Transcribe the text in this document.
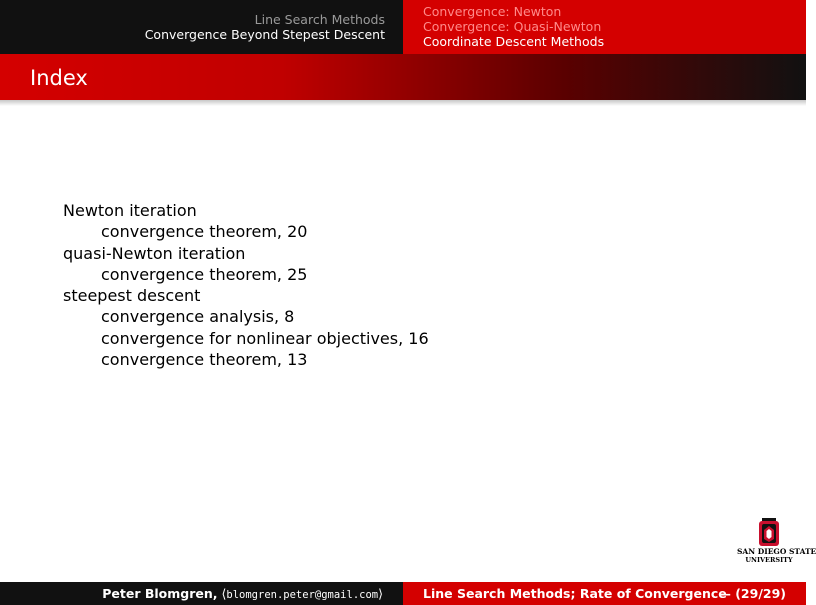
Line Search Methods
Convergence Beyond Stepest Descent
Convergence: Newton
Convergence: Quasi-Newton
Coordinate Descent Methods
Index
Newton iteration
convergence theorem, 20
quasi-Newton iteration
convergence theorem, 25
steepest descent
convergence analysis, 8
convergence for nonlinear objectives, 16
convergence theorem, 13
SAN DIEGO STATE
UNIVERSITY
Peter Blomgren, ⟨blomgren.peter@gmail.com⟩	Line Search Methods; Rate of Convergence
— (29/29)
